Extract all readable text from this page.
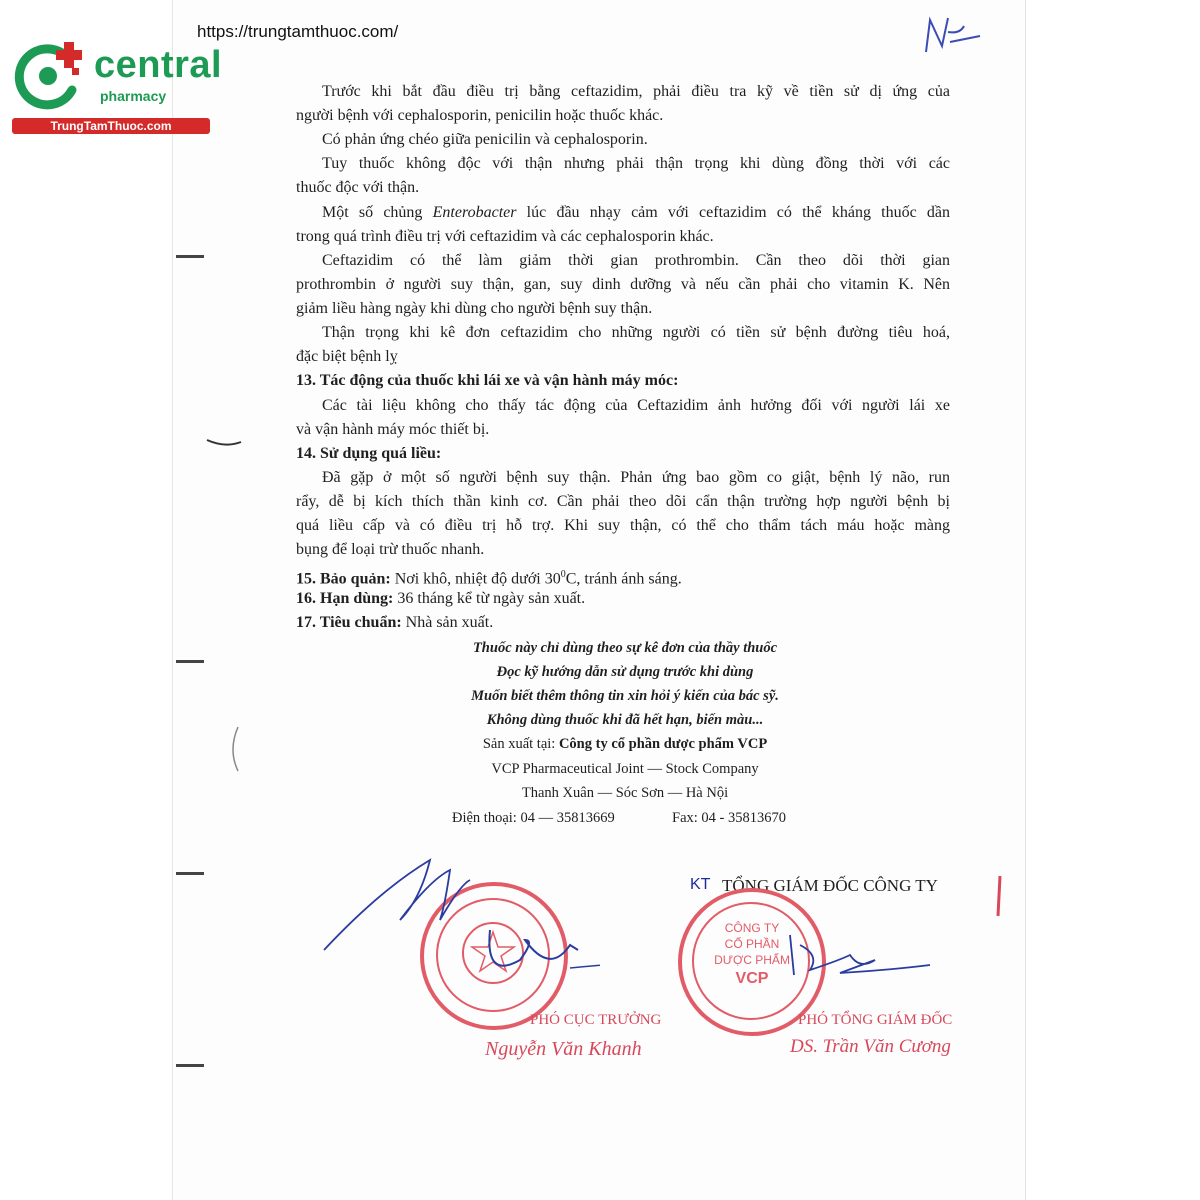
https://trungtamthuoc.com/
central
pharmacy
TrungTamThuoc.com

Trước khi bắt đầu điều trị bằng ceftazidim, phải điều tra kỹ về tiền sử dị ứng của

người bệnh với cephalosporin, penicilin hoặc thuốc khác.

Có phản ứng chéo giữa penicilin và cephalosporin.

Tuy thuốc không độc với thận nhưng phải thận trọng khi dùng đồng thời với các

thuốc độc với thận.

Một số chủng Enterobacter lúc đầu nhạy cảm với ceftazidim có thể kháng thuốc dần

trong quá trình điều trị với ceftazidim và các cephalosporin khác.

Ceftazidim có thể làm giảm thời gian prothrombin. Cần theo dõi thời gian

prothrombin ở người suy thận, gan, suy dinh dưỡng và nếu cần phải cho vitamin K. Nên

giảm liều hàng ngày khi dùng cho người bệnh suy thận.

Thận trọng khi kê đơn ceftazidim cho những người có tiền sử bệnh đường tiêu hoá,

đặc biệt bệnh lỵ

13. Tác động của thuốc khi lái xe và vận hành máy móc:

Các tài liệu không cho thấy tác động của Ceftazidim ảnh hưởng đối với người lái xe

và vận hành máy móc thiết bị.

14. Sử dụng quá liều:

Đã gặp ở một số người bệnh suy thận. Phản ứng bao gồm co giật, bệnh lý não, run

rẩy, dễ bị kích thích thần kinh cơ. Cần phải theo dõi cẩn thận trường hợp người bệnh bị

quá liều cấp và có điều trị hỗ trợ. Khi suy thận, có thể cho thẩm tách máu hoặc màng

bụng để loại trừ thuốc nhanh.

15. Bảo quản: Nơi khô, nhiệt độ dưới $30^0C$, tránh ánh sáng.

16. Hạn dùng: 36 tháng kể từ ngày sản xuất.

17. Tiêu chuẩn: Nhà sản xuất.

Thuốc này chỉ dùng theo sự kê đơn của thầy thuốc
Đọc kỹ hướng dẫn sử dụng trước khi dùng
Muốn biết thêm thông tin xin hỏi ý kiến của bác sỹ.
Không dùng thuốc khi đã hết hạn, biến màu...
Sản xuất tại: Công ty cổ phần dược phẩm VCP
VCP Pharmaceutical Joint — Stock Company
Thanh Xuân — Sóc Sơn — Hà Nội
Điện thoại: 04 — 35813669	Fax: 04 - 35813670
KT TỔNG GIÁM ĐỐC CÔNG TY
PHÓ CỤC TRƯỞNG
Nguyễn Văn Khanh
CÔNG TY
CỔ PHẦN
DƯỢC PHẨM
VCP
PHÓ TỔNG GIÁM ĐỐC
DS. Trần Văn Cương
